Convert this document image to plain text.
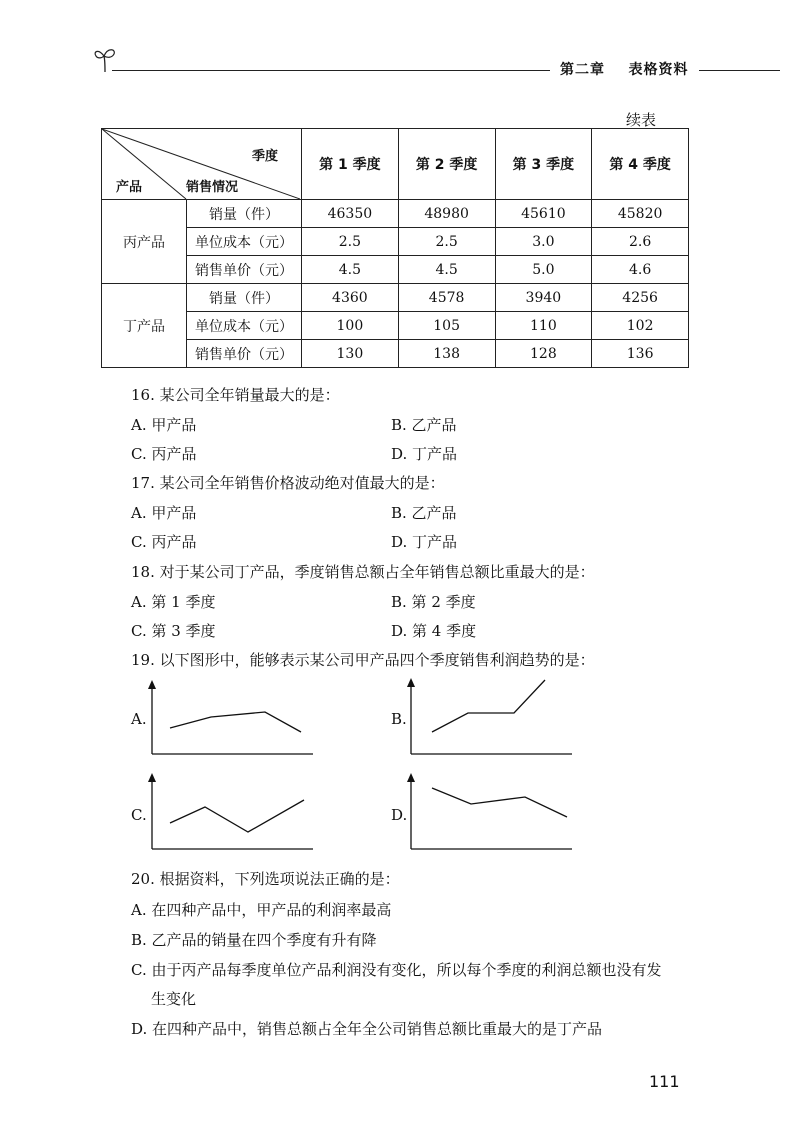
第二章 表格资料
续表
季度
销售情况
产品		第 1 季度	第 2 季度	第 3 季度	第 4 季度
丙产品	销量（件）	46350	48980	45610	45820
	单位成本（元）	2.5	2.5	3.0	2.6
	销售单价（元）	4.5	4.5	5.0	4.6
丁产品	销量（件）	4360	4578	3940	4256
	单位成本（元）	100	105	110	102
	销售单价（元）	130	138	128	136
16. 某公司全年销量最大的是：
A. 甲产品	B. 乙产品
C. 丙产品	D. 丁产品
17. 某公司全年销售价格波动绝对值最大的是：
A. 甲产品	B. 乙产品
C. 丙产品	D. 丁产品
18. 对于某公司丁产品，季度销售总额占全年销售总额比重最大的是：
A. 第 1 季度	B. 第 2 季度
C. 第 3 季度	D. 第 4 季度
19. 以下图形中，能够表示某公司甲产品四个季度销售利润趋势的是：
A.	B.
C.	D.
20. 根据资料，下列选项说法正确的是：
A. 在四种产品中，甲产品的利润率最高
B. 乙产品的销量在四个季度有升有降
C. 由于丙产品每季度单位产品利润没有变化，所以每个季度的利润总额也没有发
生变化
D. 在四种产品中，销售总额占全年全公司销售总额比重最大的是丁产品
111
